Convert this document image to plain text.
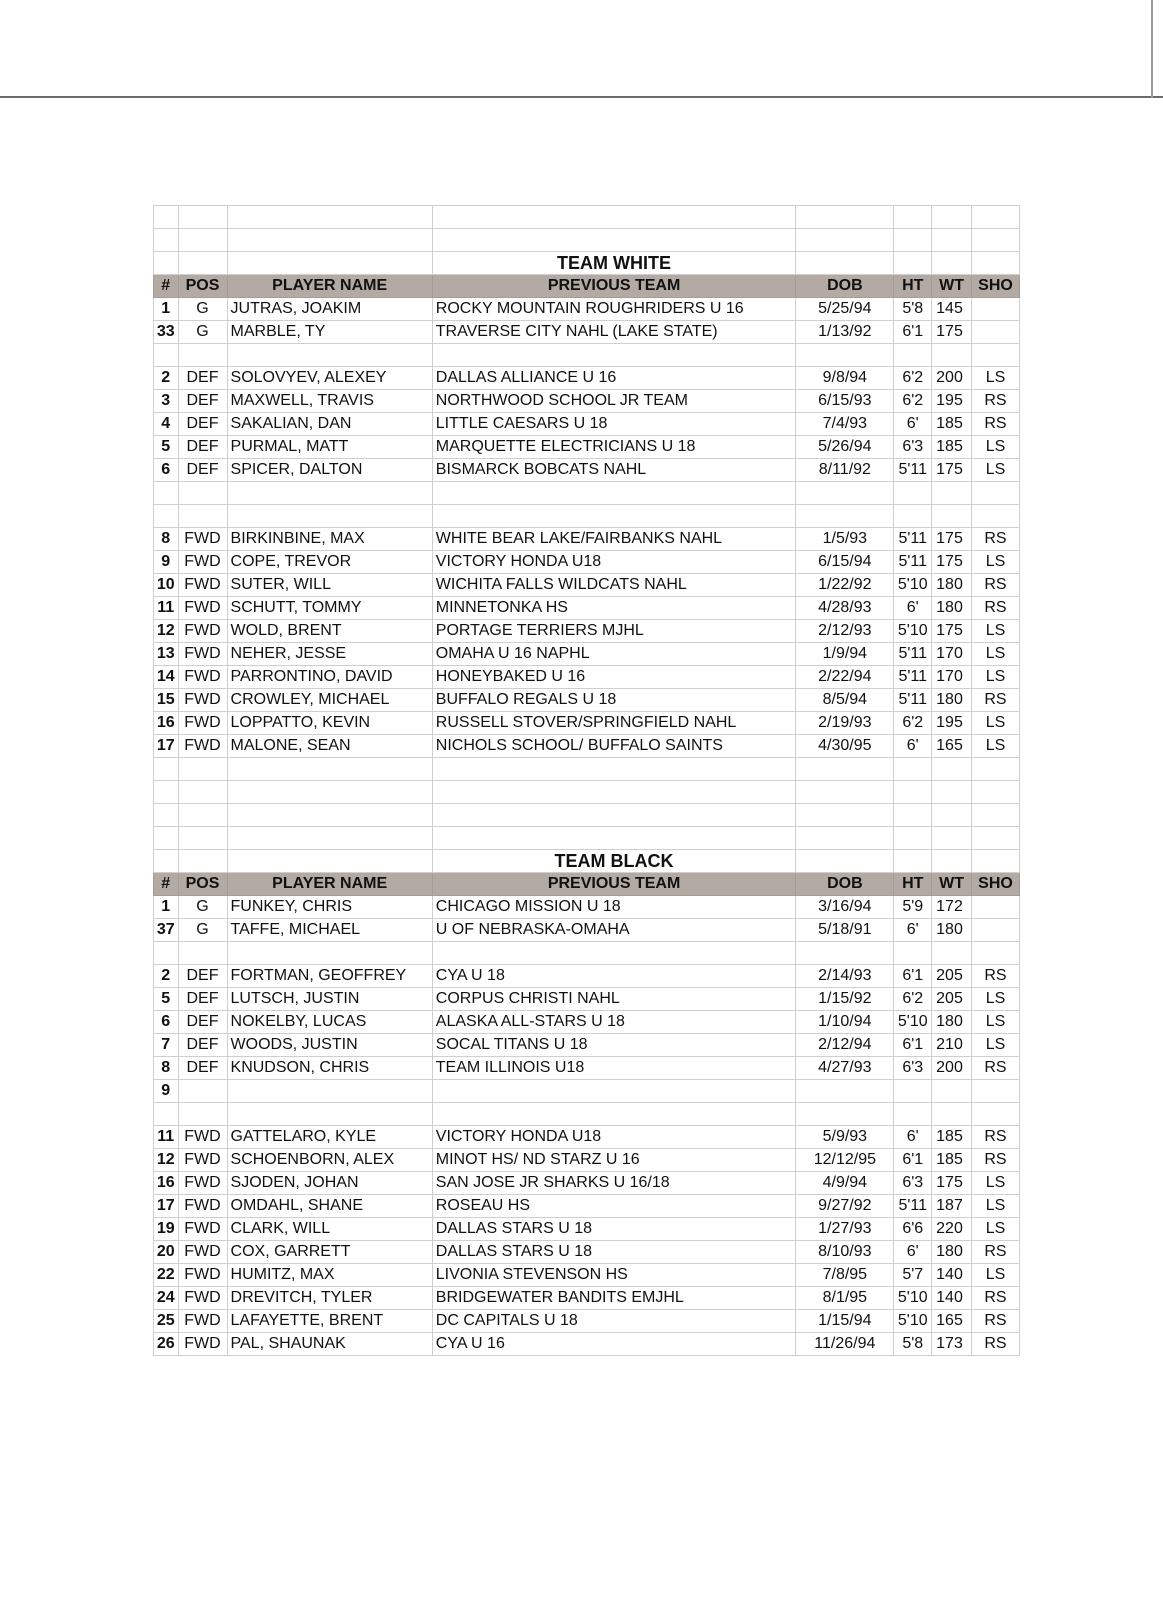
			TEAM WHITE				
#	POS	PLAYER NAME	PREVIOUS TEAM	DOB	HT	WT	SHO
1	G	JUTRAS, JOAKIM	ROCKY MOUNTAIN ROUGHRIDERS U 16	5/25/94	5'8	145	
33	G	MARBLE, TY	TRAVERSE CITY NAHL (LAKE STATE)	1/13/92	6'1	175	

2	DEF	SOLOVYEV, ALEXEY	DALLAS ALLIANCE U 16	9/8/94	6'2	200	LS
3	DEF	MAXWELL, TRAVIS	NORTHWOOD SCHOOL JR TEAM	6/15/93	6'2	195	RS
4	DEF	SAKALIAN, DAN	LITTLE CAESARS U 18	7/4/93	6'	185	RS
5	DEF	PURMAL, MATT	MARQUETTE ELECTRICIANS U 18	5/26/94	6'3	185	LS
6	DEF	SPICER, DALTON	BISMARCK BOBCATS NAHL	8/11/92	5'11	175	LS

8	FWD	BIRKINBINE, MAX	WHITE BEAR LAKE/FAIRBANKS NAHL	1/5/93	5'11	175	RS
9	FWD	COPE, TREVOR	VICTORY HONDA U18	6/15/94	5'11	175	LS
10	FWD	SUTER, WILL	WICHITA FALLS WILDCATS NAHL	1/22/92	5'10	180	RS
11	FWD	SCHUTT, TOMMY	MINNETONKA HS	4/28/93	6'	180	RS
12	FWD	WOLD, BRENT	PORTAGE TERRIERS MJHL	2/12/93	5'10	175	LS
13	FWD	NEHER, JESSE	OMAHA U 16 NAPHL	1/9/94	5'11	170	LS
14	FWD	PARRONTINO, DAVID	HONEYBAKED U 16	2/22/94	5'11	170	LS
15	FWD	CROWLEY, MICHAEL	BUFFALO REGALS U 18	8/5/94	5'11	180	RS
16	FWD	LOPPATTO, KEVIN	RUSSELL STOVER/SPRINGFIELD NAHL	2/19/93	6'2	195	LS
17	FWD	MALONE, SEAN	NICHOLS SCHOOL/ BUFFALO SAINTS	4/30/95	6'	165	LS

			TEAM BLACK				
#	POS	PLAYER NAME	PREVIOUS TEAM	DOB	HT	WT	SHO
1	G	FUNKEY, CHRIS	CHICAGO MISSION U 18	3/16/94	5'9	172	
37	G	TAFFE, MICHAEL	U OF NEBRASKA-OMAHA	5/18/91	6'	180	

2	DEF	FORTMAN, GEOFFREY	CYA U 18	2/14/93	6'1	205	RS
5	DEF	LUTSCH, JUSTIN	CORPUS CHRISTI NAHL	1/15/92	6'2	205	LS
6	DEF	NOKELBY, LUCAS	ALASKA ALL-STARS U 18	1/10/94	5'10	180	LS
7	DEF	WOODS, JUSTIN	SOCAL TITANS U 18	2/12/94	6'1	210	LS
8	DEF	KNUDSON, CHRIS	TEAM ILLINOIS U18	4/27/93	6'3	200	RS
9							

11	FWD	GATTELARO, KYLE	VICTORY HONDA U18	5/9/93	6'	185	RS
12	FWD	SCHOENBORN, ALEX	MINOT HS/ ND STARZ U 16	12/12/95	6'1	185	RS
16	FWD	SJODEN, JOHAN	SAN JOSE JR SHARKS U 16/18	4/9/94	6'3	175	LS
17	FWD	OMDAHL, SHANE	ROSEAU HS	9/27/92	5'11	187	LS
19	FWD	CLARK, WILL	DALLAS STARS U 18	1/27/93	6'6	220	LS
20	FWD	COX, GARRETT	DALLAS STARS U 18	8/10/93	6'	180	RS
22	FWD	HUMITZ, MAX	LIVONIA STEVENSON HS	7/8/95	5'7	140	LS
24	FWD	DREVITCH, TYLER	BRIDGEWATER BANDITS EMJHL	8/1/95	5'10	140	RS
25	FWD	LAFAYETTE, BRENT	DC CAPITALS U 18	1/15/94	5'10	165	RS
26	FWD	PAL, SHAUNAK	CYA U 16	11/26/94	5'8	173	RS
